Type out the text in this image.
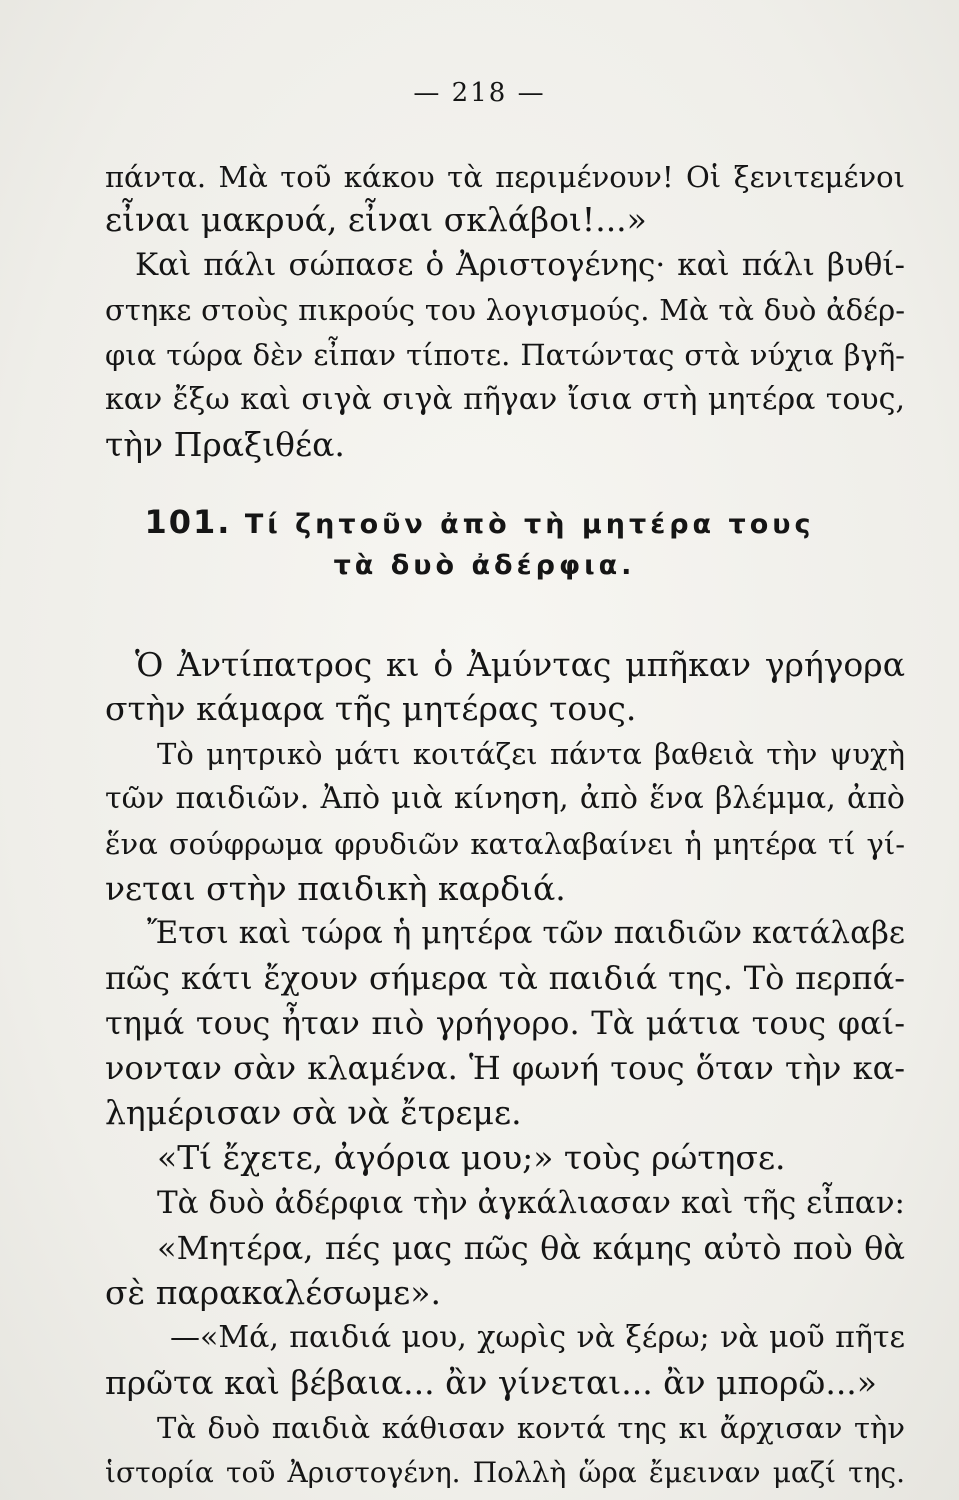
— 218 —
πάντα. Μὰ τοῦ κάκου τὰ περιμένουν! Οἱ ξενιτεμένοι
εἶναι μακρυά, εἶναι σκλάβοι!...»
Καὶ πάλι σώπασε ὁ Ἀριστογένης· καὶ πάλι βυθί-
στηκε στοὺς πικρούς του λογισμούς. Μὰ τὰ δυὸ ἀδέρ-
φια τώρα δὲν εἶπαν τίποτε. Πατώντας στὰ νύχια βγῆ-
καν ἔξω καὶ σιγὰ σιγὰ πῆγαν ἴσια στὴ μητέρα τους,
τὴν Πραξιθέα.
101. Τί ζητοῦν ἀπὸ τὴ μητέρα τους
τὰ δυὸ ἀδέρφια.
Ὁ Ἀντίπατρος κι ὁ Ἀμύντας μπῆκαν γρήγορα
στὴν κάμαρα τῆς μητέρας τους.
Τὸ μητρικὸ μάτι κοιτάζει πάντα βαθειὰ τὴν ψυχὴ
τῶν παιδιῶν. Ἀπὸ μιὰ κίνηση, ἀπὸ ἕνα βλέμμα, ἀπὸ
ἕνα σούφρωμα φρυδιῶν καταλαβαίνει ἡ μητέρα τί γί-
νεται στὴν παιδικὴ καρδιά.
Ἔτσι καὶ τώρα ἡ μητέρα τῶν παιδιῶν κατάλαβε
πῶς κάτι ἔχουν σήμερα τὰ παιδιά της. Τὸ περπά-
τημά τους ἦταν πιὸ γρήγορο. Τὰ μάτια τους φαί-
νονταν σὰν κλαμένα. Ἡ φωνή τους ὅταν τὴν κα-
λημέρισαν σὰ νὰ ἔτρεμε.
«Τί ἔχετε, ἀγόρια μου;» τοὺς ρώτησε.
Τὰ δυὸ ἀδέρφια τὴν ἀγκάλιασαν καὶ τῆς εἶπαν:
«Μητέρα, πές μας πῶς θὰ κάμης αὐτὸ ποὺ θὰ
σὲ παρακαλέσωμε».
—«Μά, παιδιά μου, χωρὶς νὰ ξέρω; νὰ μοῦ πῆτε
πρῶτα καὶ βέβαια... ἂν γίνεται... ἂν μπορῶ...»
Τὰ δυὸ παιδιὰ κάθισαν κοντά της κι ἄρχισαν τὴν
ἱστορία τοῦ Ἀριστογένη. Πολλὴ ὥρα ἔμειναν μαζί της.
